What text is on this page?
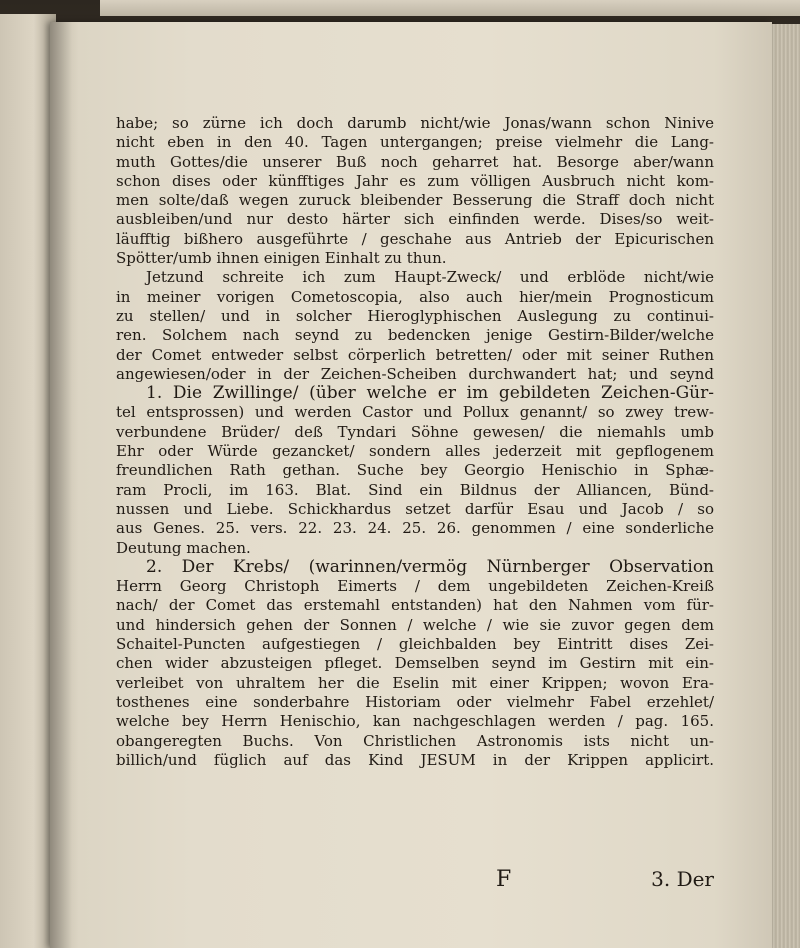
habe; so zürne ich doch darumb nicht/wie Jonas/wann schon Ninive
nicht eben in den 40. Tagen untergangen; preise vielmehr die Lang-
muth Gottes/die unserer Buß noch geharret hat. Besorge aber/wann
schon dises oder künfftiges Jahr es zum völligen Ausbruch nicht kom-
men solte/daß wegen zuruck bleibender Besserung die Straff doch nicht
ausbleiben/und nur desto härter sich einfinden werde. Dises/so weit-
läufftig bißhero ausgeführte / geschahe aus Antrieb der Epicurischen
Spötter/umb ihnen einigen Einhalt zu thun.
Jetzund schreite ich zum Haupt-Zweck/ und erblöde nicht/wie
in meiner vorigen Cometoscopia, also auch hier/mein Prognosticum
zu stellen/ und in solcher Hieroglyphischen Auslegung zu continui-
ren. Solchem nach seynd zu bedencken jenige Gestirn-Bilder/welche
der Comet entweder selbst cörperlich betretten/ oder mit seiner Ruthen
angewiesen/oder in der Zeichen-Scheiben durchwandert hat; und seynd
1. Die Zwillinge/ (über welche er im gebildeten Zeichen-Gür-
tel entsprossen) und werden Castor und Pollux genannt/ so zwey trew-
verbundene Brüder/ deß Tyndari Söhne gewesen/ die niemahls umb
Ehr oder Würde gezancket/ sondern alles jederzeit mit gepflogenem
freundlichen Rath gethan. Suche bey Georgio Henischio in Sphæ-
ram Procli, im 163. Blat. Sind ein Bildnus der Alliancen, Bünd-
nussen und Liebe. Schickhardus setzet darfür Esau und Jacob / so
aus Genes. 25. vers. 22. 23. 24. 25. 26. genommen / eine sonderliche
Deutung machen.
2. Der Krebs/ (warinnen/vermög Nürnberger Observation
Herrn Georg Christoph Eimerts / dem ungebildeten Zeichen-Kreiß
nach/ der Comet das erstemahl entstanden) hat den Nahmen vom für-
und hindersich gehen der Sonnen / welche / wie sie zuvor gegen dem
Schaitel-Puncten aufgestiegen / gleichbalden bey Eintritt dises Zei-
chen wider abzusteigen pfleget. Demselben seynd im Gestirn mit ein-
verleibet von uhraltem her die Eselin mit einer Krippen; wovon Era-
tosthenes eine sonderbahre Historiam oder vielmehr Fabel erzehlet/
welche bey Herrn Henischio, kan nachgeschlagen werden / pag. 165.
obangeregten Buchs. Von Christlichen Astronomis ists nicht un-
billich/und füglich auf das Kind JESUM in der Krippen applicirt.
F	3. Der
